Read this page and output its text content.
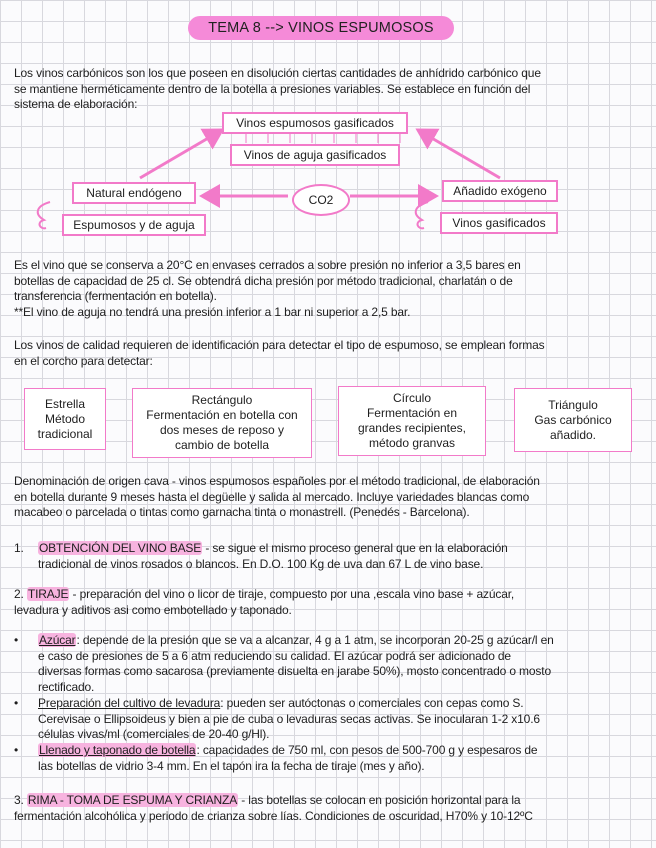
TEMA 8 --> VINOS ESPUMOSOS
Los vinos carbónicos son los que poseen en disolución ciertas cantidades de anhídrido carbónico que
se mantiene herméticamente dentro de la botella a presiones variables. Se establece en función del
sistema de elaboración:
Vinos espumosos gasificados
Vinos de aguja gasificados
Natural endógeno	CO2
Añadido exógeno
Espumosos y de aguja	Vinos gasificados
Es el vino que se conserva a 20°C en envases cerrados a sobre presión no inferior a 3,5 bares en
botellas de capacidad de 25 cl. Se obtendrá dicha presión por método tradicional, charlatán o de
transferencia (fermentación en botella).
**El vino de aguja no tendrá una presión inferior a 1 bar ni superior a 2,5 bar.
Los vinos de calidad requieren de identificación para detectar el tipo de espumoso, se emplean formas
en el corcho para detectar:
Estrella
Método
tradicional
Rectángulo
Fermentación en botella con
dos meses de reposo y
cambio de botella
Círculo
Fermentación en
grandes recipientes,
método granvas
Triángulo
Gas carbónico
añadido.
Denominación de origen cava - vinos espumosos españoles por el método tradicional, de elaboración
en botella durante 9 meses hasta el degüelle y salida al mercado. Incluye variedades blancas como
macabeo o parcelada o tintas como garnacha tinta o monastrell. (Penedés - Barcelona).
1.	OBTENCIÓN DEL VINO BASE - se sigue el mismo proceso general que en la elaboración
tradicional de vinos rosados o blancos. En D.O. 100 Kg de uva dan 67 L de vino base.
2. TIRAJE - preparación del vino o licor de tiraje, compuesto por una ,escala vino base + azúcar,
levadura y aditivos asi como embotellado y taponado.
• Azúcar: depende de la presión que se va a alcanzar, 4 g a 1 atm, se incorporan 20-25 g azúcar/l en
e caso de presiones de 5 a 6 atm reduciendo su calidad. El azúcar podrá ser adicionado de
diversas formas como sacarosa (previamente disuelta en jarabe 50%), mosto concentrado o mosto
rectificado.
• Preparación del cultivo de levadura: pueden ser autóctonas o comerciales con cepas como S.
Cerevisae o Ellipsoideus y bien a pie de cuba o levaduras secas activas. Se inocularan 1-2 x10.6
células vivas/ml (comerciales de 20-40 g/Hl).
• Llenado y taponado de botella: capacidades de 750 ml, con pesos de 500-700 g y espesaros de
las botellas de vidrio 3-4 mm. En el tapón ira la fecha de tiraje (mes y año).
3. RIMA - TOMA DE ESPUMA Y CRIANZA - las botellas se colocan en posición horizontal para la
fermentación alcohólica y periodo de crianza sobre lías. Condiciones de oscuridad, H70% y 10-12ºC
